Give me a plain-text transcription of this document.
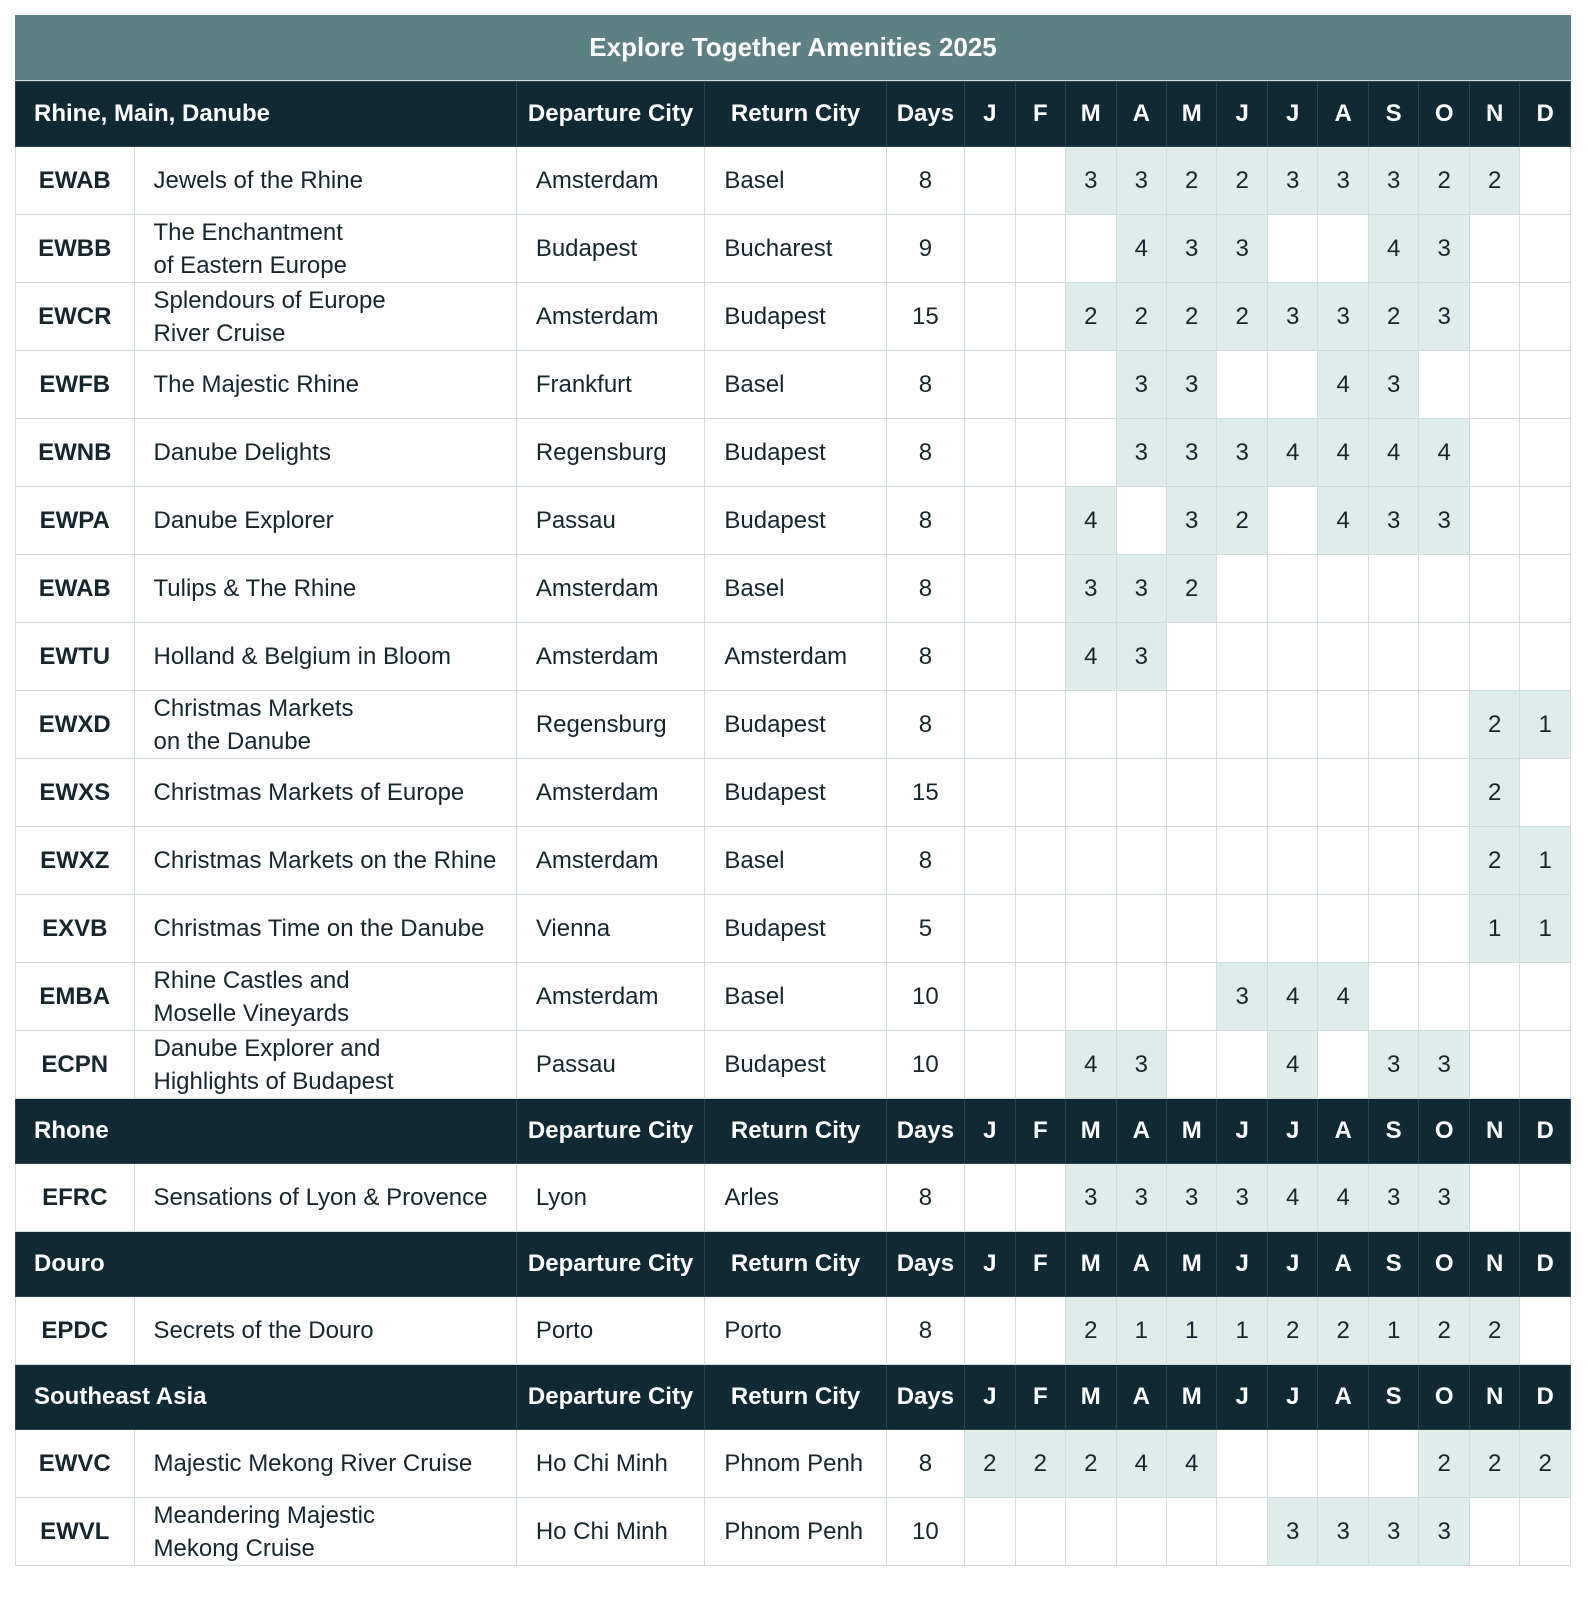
Explore Together Amenities 2025
Rhine, Main, Danube		Departure City	Return City	Days	J	F	M	A	M	J	J	A	S	O	N	D
EWAB	Jewels of the Rhine	Amsterdam	Basel	8			3	3	2	2	3	3	3	2	2	
EWBB	The Enchantment
of Eastern Europe	Budapest	Bucharest	9				4	3	3			4	3		
EWCR	Splendours of Europe
River Cruise	Amsterdam	Budapest	15			2	2	2	2	3	3	2	3		
EWFB	The Majestic Rhine	Frankfurt	Basel	8				3	3			4	3			
EWNB	Danube Delights	Regensburg	Budapest	8				3	3	3	4	4	4	4		
EWPA	Danube Explorer	Passau	Budapest	8			4		3	2		4	3	3		
EWAB	Tulips & The Rhine	Amsterdam	Basel	8			3	3	2							
EWTU	Holland & Belgium in Bloom	Amsterdam	Amsterdam	8			4	3								
EWXD	Christmas Markets
on the Danube	Regensburg	Budapest	8											2	1
EWXS	Christmas Markets of Europe	Amsterdam	Budapest	15											2	
EWXZ	Christmas Markets on the Rhine	Amsterdam	Basel	8											2	1
EXVB	Christmas Time on the Danube	Vienna	Budapest	5											1	1
EMBA	Rhine Castles and
Moselle Vineyards	Amsterdam	Basel	10						3	4	4				
ECPN	Danube Explorer and
Highlights of Budapest	Passau	Budapest	10			4	3			4		3	3		
Rhone		Departure City	Return City	Days	J	F	M	A	M	J	J	A	S	O	N	D
EFRC	Sensations of Lyon & Provence	Lyon	Arles	8			3	3	3	3	4	4	3	3		
Douro		Departure City	Return City	Days	J	F	M	A	M	J	J	A	S	O	N	D
EPDC	Secrets of the Douro	Porto	Porto	8			2	1	1	1	2	2	1	2	2	
Southeast Asia		Departure City	Return City	Days	J	F	M	A	M	J	J	A	S	O	N	D
EWVC	Majestic Mekong River Cruise	Ho Chi Minh	Phnom Penh	8	2	2	2	4	4					2	2	2
EWVL	Meandering Majestic
Mekong Cruise	Ho Chi Minh	Phnom Penh	10							3	3	3	3		
